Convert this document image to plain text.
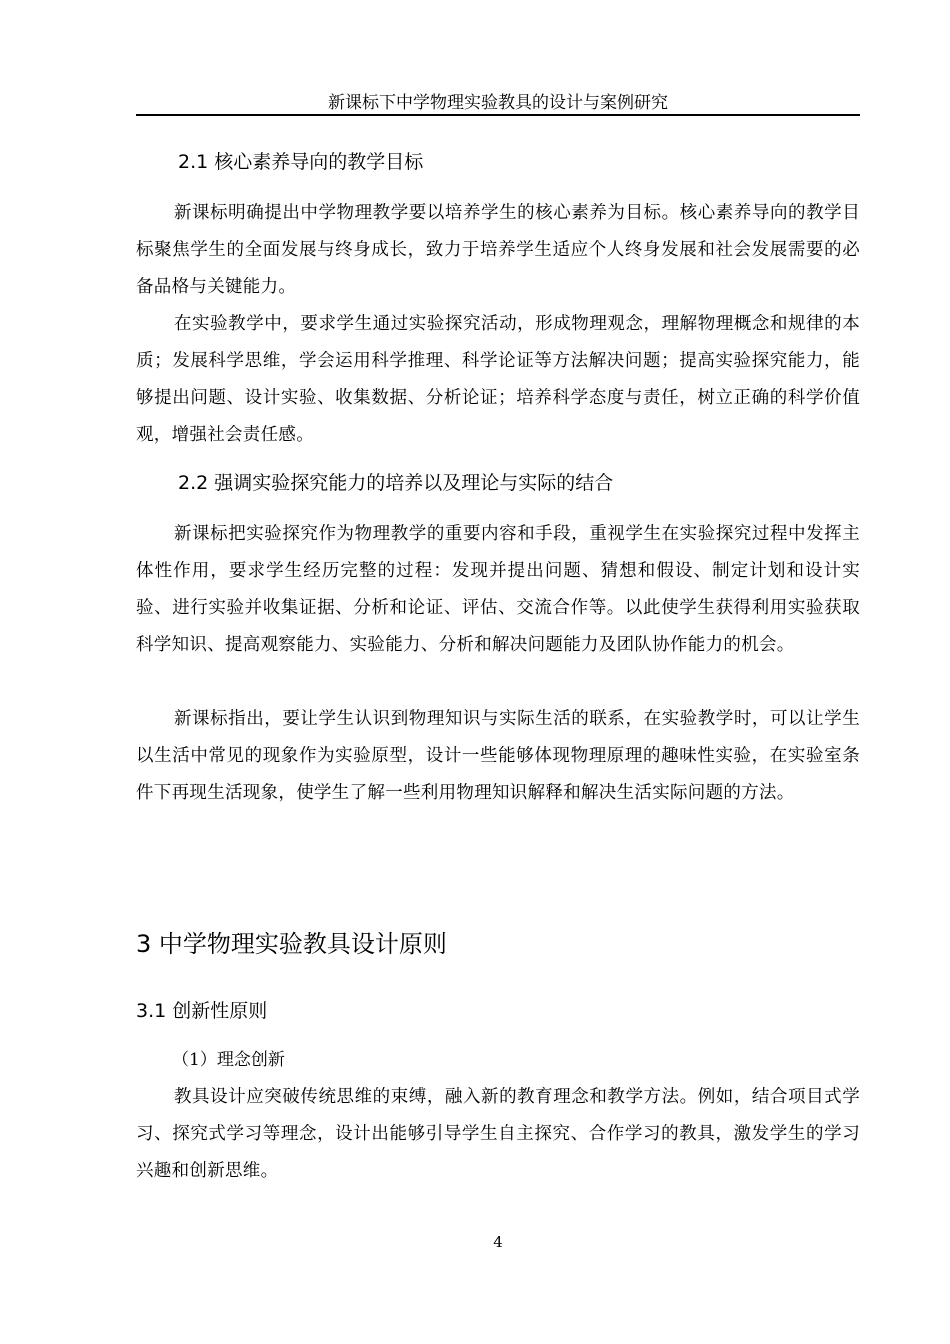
新课标下中学物理实验教具的设计与案例研究
2.1 核心素养导向的教学目标
新课标明确提出中学物理教学要以培养学生的核心素养为目标。核心素养导向的教学目标聚焦学生的全面发展与终身成长，致力于培养学生适应个人终身发展和社会发展需要的必备品格与关键能力。
在实验教学中，要求学生通过实验探究活动，形成物理观念，理解物理概念和规律的本质；发展科学思维，学会运用科学推理、科学论证等方法解决问题；提高实验探究能力，能够提出问题、设计实验、收集数据、分析论证；培养科学态度与责任，树立正确的科学价值观，增强社会责任感。
2.2 强调实验探究能力的培养以及理论与实际的结合
新课标把实验探究作为物理教学的重要内容和手段，重视学生在实验探究过程中发挥主体性作用，要求学生经历完整的过程：发现并提出问题、猜想和假设、制定计划和设计实验、进行实验并收集证据、分析和论证、评估、交流合作等。以此使学生获得利用实验获取科学知识、提高观察能力、实验能力、分析和解决问题能力及团队协作能力的机会。
新课标指出，要让学生认识到物理知识与实际生活的联系，在实验教学时，可以让学生以生活中常见的现象作为实验原型，设计一些能够体现物理原理的趣味性实验，在实验室条件下再现生活现象，使学生了解一些利用物理知识解释和解决生活实际问题的方法。
3 中学物理实验教具设计原则
3.1 创新性原则
（1）理念创新
教具设计应突破传统思维的束缚，融入新的教育理念和教学方法。例如，结合项目式学习、探究式学习等理念，设计出能够引导学生自主探究、合作学习的教具，激发学生的学习兴趣和创新思维。
4
